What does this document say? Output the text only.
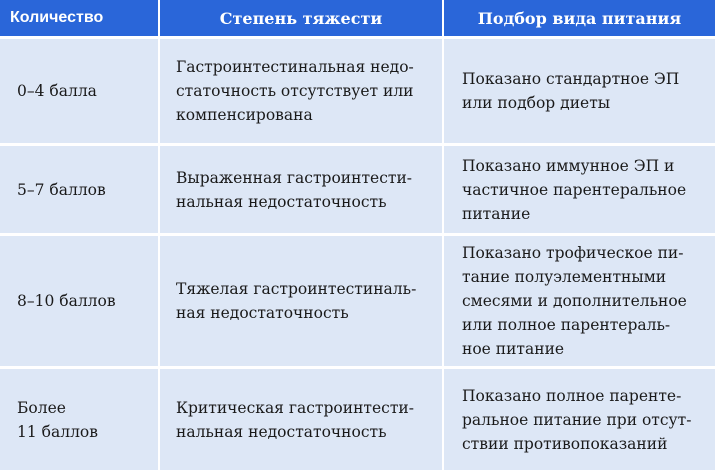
Количество	Степень тяжести	Подбор вида питания
0–4 балла
Гастроинтестинальная недо-
статочность отсутствует или
компенсирована
Показано стандартное ЭП
или подбор диеты
5–7 баллов
Выраженная гастроинтести-
нальная недостаточность
Показано иммунное ЭП и
частичное парентеральное
питание
8–10 баллов
Тяжелая гастроинтестиналь-
ная недостаточность
Показано трофическое пи-
тание полуэлементными
смесями и дополнительное
или полное парентераль-
ное питание
Более
11 баллов
Критическая гастроинтести-
нальная недостаточность
Показано полное паренте-
ральное питание при отсут-
ствии противопоказаний
